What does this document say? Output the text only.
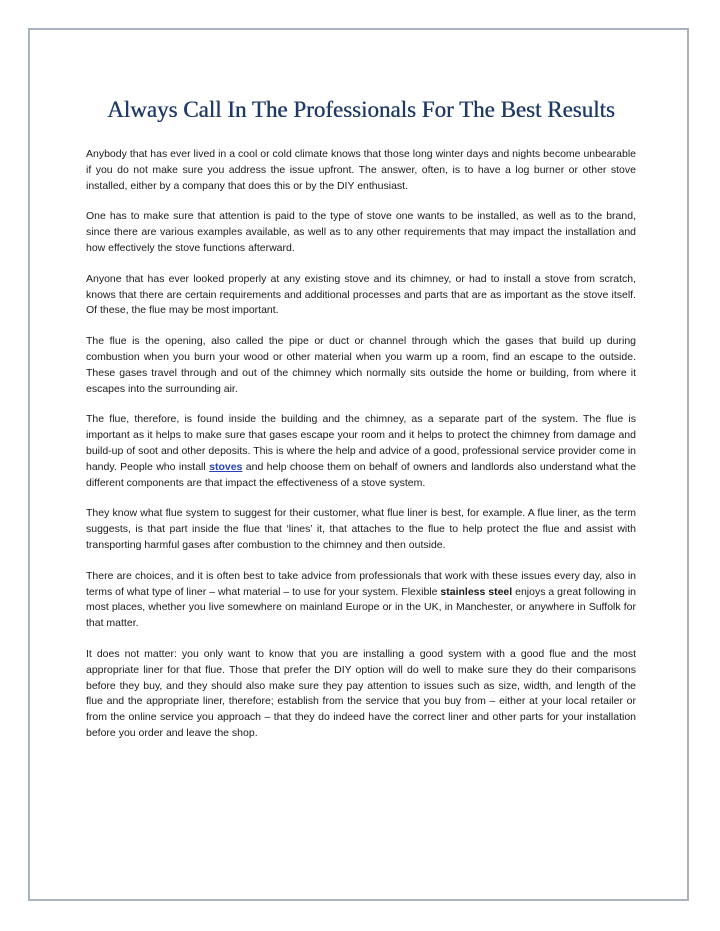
Always Call In The Professionals For The Best Results

Anybody that has ever lived in a cool or cold climate knows that those long winter days and nights become unbearable if you do not make sure you address the issue upfront. The answer, often, is to have a log burner or other stove installed, either by a company that does this or by the DIY enthusiast.

One has to make sure that attention is paid to the type of stove one wants to be installed, as well as to the brand, since there are various examples available, as well as to any other requirements that may impact the installation and how effectively the stove functions afterward.

Anyone that has ever looked properly at any existing stove and its chimney, or had to install a stove from scratch, knows that there are certain requirements and additional processes and parts that are as important as the stove itself. Of these, the flue may be most important.

The flue is the opening, also called the pipe or duct or channel through which the gases that build up during combustion when you burn your wood or other material when you warm up a room, find an escape to the outside. These gases travel through and out of the chimney which normally sits outside the home or building, from where it escapes into the surrounding air.

The flue, therefore, is found inside the building and the chimney, as a separate part of the system. The flue is important as it helps to make sure that gases escape your room and it helps to protect the chimney from damage and build-up of soot and other deposits. This is where the help and advice of a good, professional service provider come in handy. People who install stoves and help choose them on behalf of owners and landlords also understand what the different components are that impact the effectiveness of a stove system.

They know what flue system to suggest for their customer, what flue liner is best, for example. A flue liner, as the term suggests, is that part inside the flue that ‘lines’ it, that attaches to the flue to help protect the flue and assist with transporting harmful gases after combustion to the chimney and then outside.

There are choices, and it is often best to take advice from professionals that work with these issues every day, also in terms of what type of liner – what material – to use for your system. Flexible stainless steel enjoys a great following in most places, whether you live somewhere on mainland Europe or in the UK, in Manchester, or anywhere in Suffolk for that matter.

It does not matter: you only want to know that you are installing a good system with a good flue and the most appropriate liner for that flue. Those that prefer the DIY option will do well to make sure they do their comparisons before they buy, and they should also make sure they pay attention to issues such as size, width, and length of the flue and the appropriate liner, therefore; establish from the service that you buy from – either at your local retailer or from the online service you approach – that they do indeed have the correct liner and other parts for your installation before you order and leave the shop.
